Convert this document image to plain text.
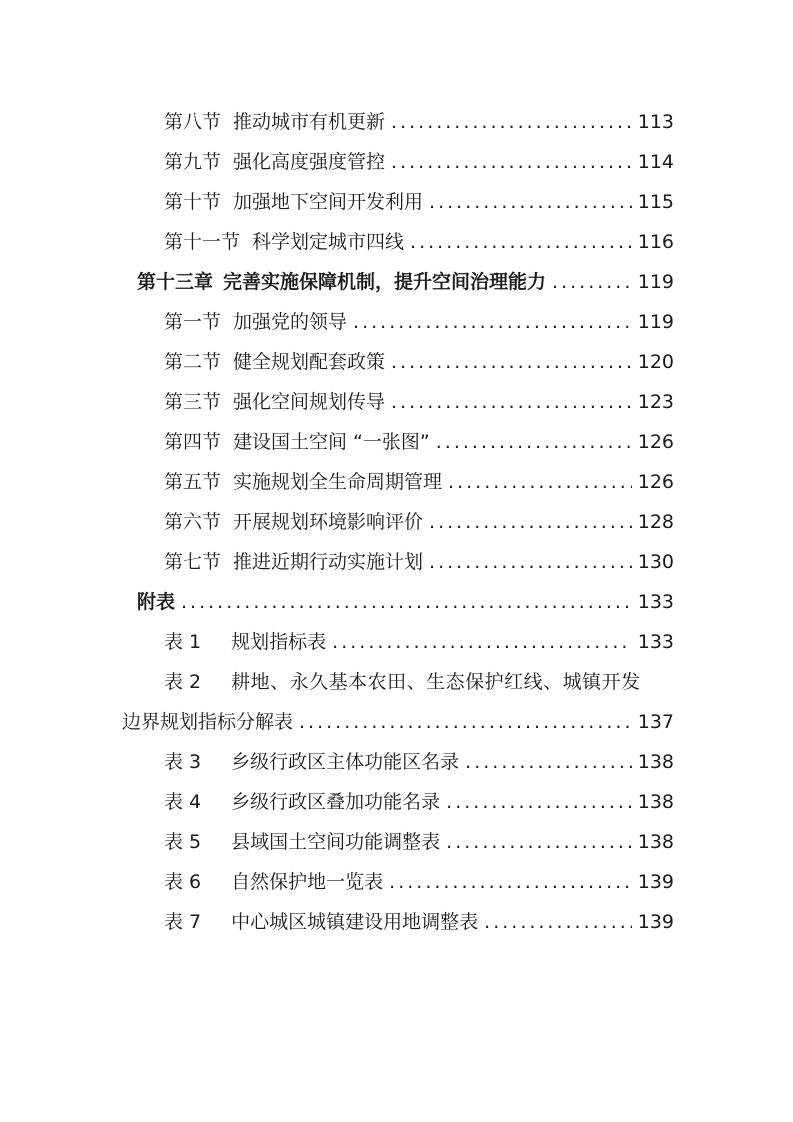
第八节 推动城市有机更新 .....	113
第九节 强化高度强度管控 .....	114
第十节 加强地下空间开发利用 .....	115
第十一节 科学划定城市四线 .....	116
第十三章 完善实施保障机制，提升空间治理能力 .....	119
第一节 加强党的领导 .....	119
第二节 健全规划配套政策 .....	120
第三节 强化空间规划传导 .....	123
第四节 建设国土空间 “一张图” .....	126
第五节 实施规划全生命周期管理 .....	126
第六节 开展规划环境影响评价 .....	128
第七节 推进近期行动实施计划 .....	130
附表 .....	133
表 1 规划指标表 .....	133
表 2 耕地、永久基本农田、生态保护红线、城镇开发
边界规划指标分解表 .....	137
表 3 乡级行政区主体功能区名录 .....	138
表 4 乡级行政区叠加功能名录 .....	138
表 5 县域国土空间功能调整表 .....	138
表 6 自然保护地一览表 .....	139
表 7 中心城区城镇建设用地调整表 .....	139
